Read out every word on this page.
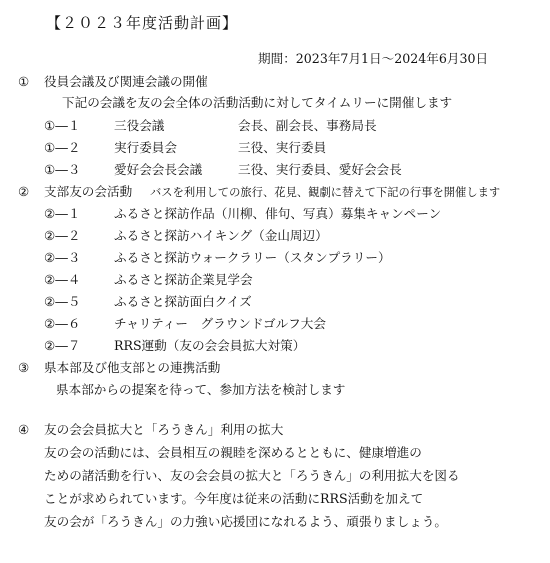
【２０２３年度活動計画】
期間：2023年7月1日～2024年6月30日
① 役員会議及び関連会議の開催
下記の会議を友の会全体の活動活動に対してタイムリーに開催します
①―１	三役会議	会長、副会長、事務局長
①―２	実行委員会	三役、実行委員
①―３	愛好会会長会議	三役、実行委員、愛好会会長
② 支部友の会活動 バスを利用しての旅行、花見、観劇に替えて下記の行事を開催します
②―１	ふるさと探訪作品（川柳、俳句、写真）募集キャンペーン
②―２	ふるさと探訪ハイキング（金山周辺）
②―３	ふるさと探訪ウォークラリー（スタンプラリー）
②―４	ふるさと探訪企業見学会
②―５	ふるさと探訪面白クイズ
②―６	チャリティー　グラウンドゴルフ大会
②―７	RRS運動（友の会会員拡大対策）
③ 県本部及び他支部との連携活動
県本部からの提案を待って、参加方法を検討します
④ 友の会会員拡大と「ろうきん」利用の拡大
友の会の活動には、会員相互の親睦を深めるとともに、健康増進の
ための諸活動を行い、友の会会員の拡大と「ろうきん」の利用拡大を図る
ことが求められています。今年度は従来の活動にRRS活動を加えて
友の会が「ろうきん」の力強い応援団になれるよう、頑張りましょう。
